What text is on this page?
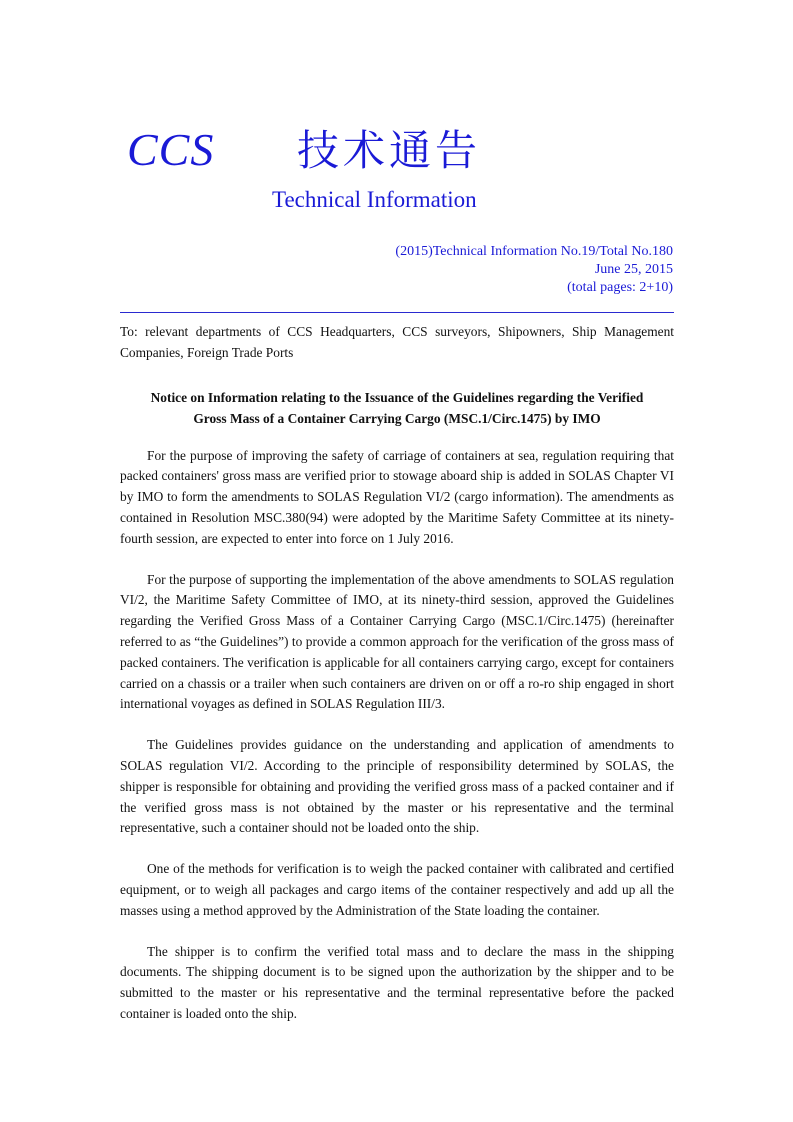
CCS 技术通告
Technical Information
(2015)Technical Information No.19/Total No.180
June 25, 2015
(total pages: 2+10)

To: relevant departments of CCS Headquarters, CCS surveyors, Shipowners, Ship Management Companies, Foreign Trade Ports

Notice on Information relating to the Issuance of the Guidelines regarding the Verified
Gross Mass of a Container Carrying Cargo (MSC.1/Circ.1475) by IMO

For the purpose of improving the safety of carriage of containers at sea, regulation requiring that packed containers' gross mass are verified prior to stowage aboard ship is added in SOLAS Chapter VI by IMO to form the amendments to SOLAS Regulation VI/2 (cargo information). The amendments as contained in Resolution MSC.380(94) were adopted by the Maritime Safety Committee at its ninety-fourth session, are expected to enter into force on 1 July 2016.

For the purpose of supporting the implementation of the above amendments to SOLAS regulation VI/2, the Maritime Safety Committee of IMO, at its ninety-third session, approved the Guidelines regarding the Verified Gross Mass of a Container Carrying Cargo (MSC.1/Circ.1475) (hereinafter referred to as “the Guidelines”) to provide a common approach for the verification of the gross mass of packed containers. The verification is applicable for all containers carrying cargo, except for containers carried on a chassis or a trailer when such containers are driven on or off a ro-ro ship engaged in short international voyages as defined in SOLAS Regulation III/3.

The Guidelines provides guidance on the understanding and application of amendments to SOLAS regulation VI/2. According to the principle of responsibility determined by SOLAS, the shipper is responsible for obtaining and providing the verified gross mass of a packed container and if the verified gross mass is not obtained by the master or his representative and the terminal representative, such a container should not be loaded onto the ship.

One of the methods for verification is to weigh the packed container with calibrated and certified equipment, or to weigh all packages and cargo items of the container respectively and add up all the masses using a method approved by the Administration of the State loading the container.

The shipper is to confirm the verified total mass and to declare the mass in the shipping documents. The shipping document is to be signed upon the authorization by the shipper and to be submitted to the master or his representative and the terminal representative before the packed container is loaded onto the ship.
